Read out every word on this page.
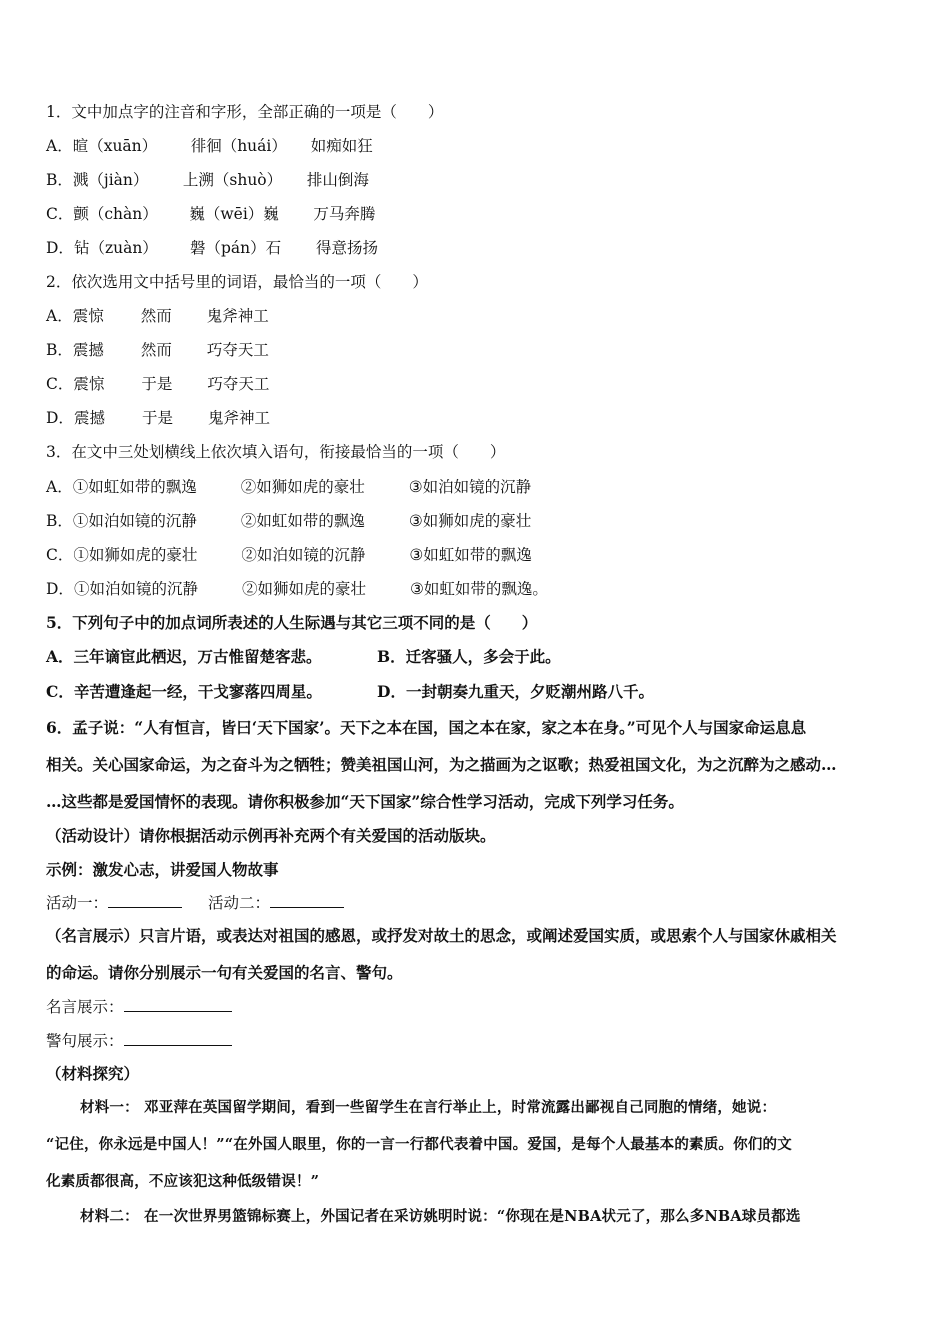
1．文中加点字的注音和字形，全部正确的一项是（　　）
A．暄（xuān） 徘徊（huái） 如痴如狂
B．溅（jiàn） 上溯（shuò） 排山倒海
C．颤（chàn） 巍（wēi）巍 万马奔腾
D．钻（zuàn） 磐（pán）石 得意扬扬
2．依次选用文中括号里的词语，最恰当的一项（　　）
A．震惊 然而 鬼斧神工
B．震撼 然而 巧夺天工
C．震惊 于是 巧夺天工
D．震撼 于是 鬼斧神工
3．在文中三处划横线上依次填入语句，衔接最恰当的一项（　　）
A．①如虹如带的飘逸	②如狮如虎的豪壮	③如泊如镜的沉静
B．①如泊如镜的沉静	②如虹如带的飘逸	③如狮如虎的豪壮
C．①如狮如虎的豪壮	②如泊如镜的沉静	③如虹如带的飘逸
D．①如泊如镜的沉静	②如狮如虎的豪壮	③如虹如带的飘逸。
5．下列句子中的加点词所表述的人生际遇与其它三项不同的是（　　）
A．三年谪宦此栖迟，万古惟留楚客悲。	B．迁客骚人，多会于此。
C．辛苦遭逢起一经，干戈寥落四周星。	D．一封朝奏九重天，夕贬潮州路八千。
6．孟子说：“人有恒言，皆曰‘天下国家’。天下之本在国，国之本在家，家之本在身。”可见个人与国家命运息息
相关。关心国家命运，为之奋斗为之牺牲；赞美祖国山河，为之描画为之讴歌；热爱祖国文化，为之沉醉为之感动…
…这些都是爱国情怀的表现。请你积极参加“天下国家”综合性学习活动，完成下列学习任务。
（活动设计）请你根据活动示例再补充两个有关爱国的活动版块。
示例：激发心志，讲爱国人物故事
活动一：	活动二：
（名言展示）只言片语，或表达对祖国的感恩，或抒发对故土的思念，或阐述爱国实质，或思索个人与国家休戚相关
的命运。请你分别展示一句有关爱国的名言、警句。
名言展示：
警句展示：
（材料探究）
材料一： 邓亚萍在英国留学期间，看到一些留学生在言行举止上，时常流露出鄙视自己同胞的情绪，她说：
“记住，你永远是中国人！”“在外国人眼里，你的一言一行都代表着中国。爱国，是每个人最基本的素质。你们的文
化素质都很高，不应该犯这种低级错误！”
材料二： 在一次世界男篮锦标赛上，外国记者在采访姚明时说：“你现在是NBA状元了，那么多NBA球员都选
